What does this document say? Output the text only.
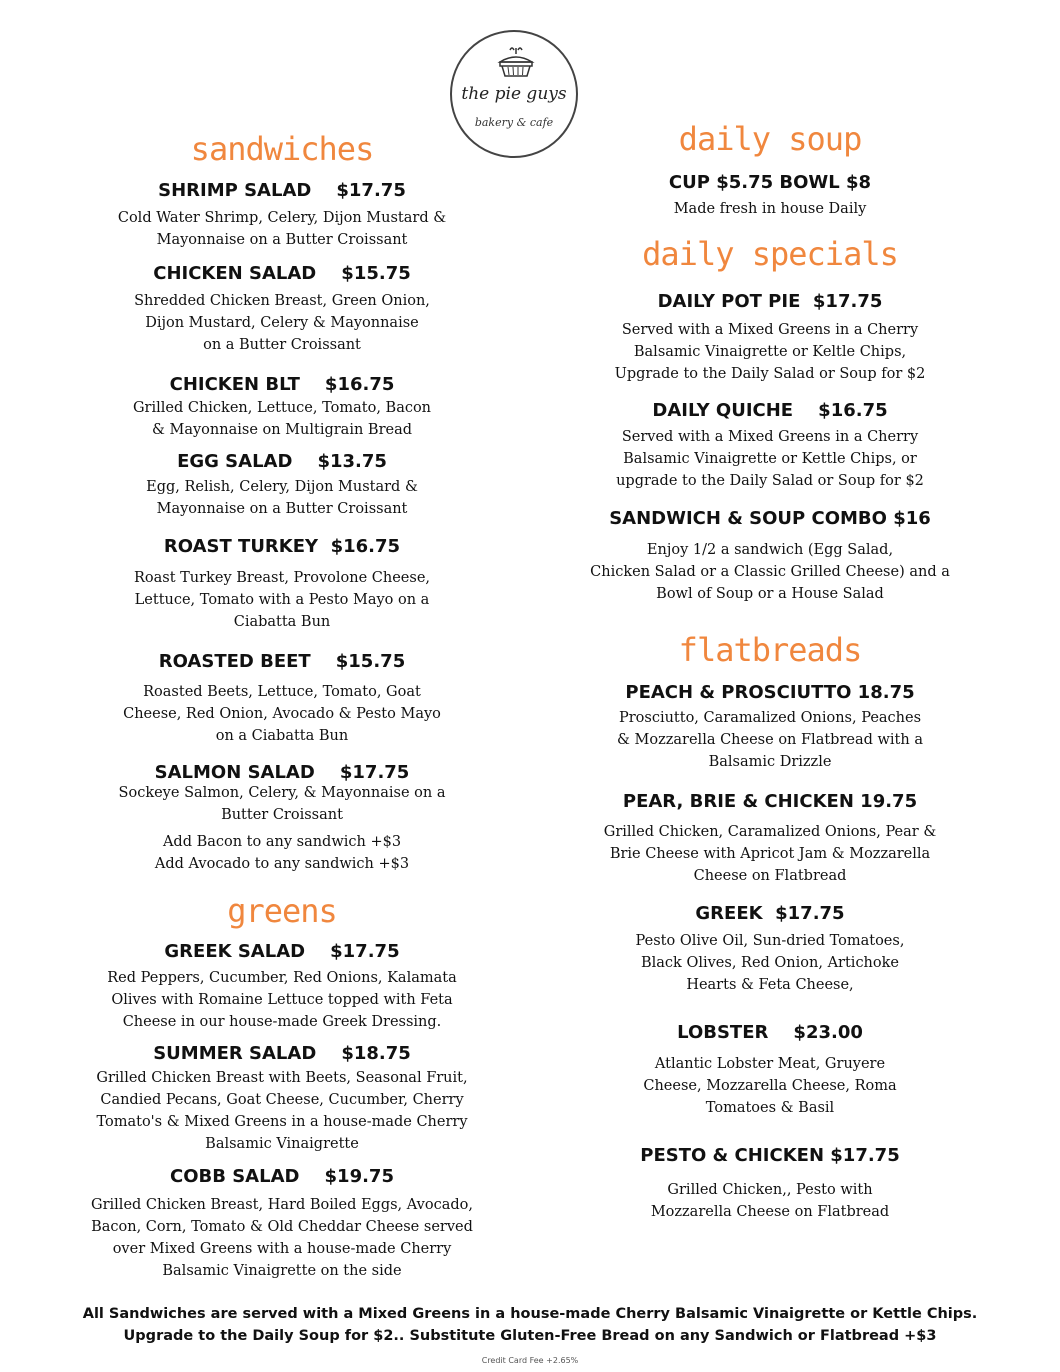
the pie guys
bakery & cafe
sandwiches
SHRIMP SALAD    $17.75
Cold Water Shrimp, Celery, Dijon Mustard &
Mayonnaise on a Butter Croissant
CHICKEN SALAD    $15.75
Shredded Chicken Breast, Green Onion,
Dijon Mustard, Celery & Mayonnaise
on a Butter Croissant
CHICKEN BLT    $16.75
Grilled Chicken, Lettuce, Tomato, Bacon
& Mayonnaise on Multigrain Bread
EGG SALAD    $13.75
Egg, Relish, Celery, Dijon Mustard &
Mayonnaise on a Butter Croissant
ROAST TURKEY  $16.75
Roast Turkey Breast, Provolone Cheese,
Lettuce, Tomato with a Pesto Mayo on a
Ciabatta Bun
ROASTED BEET    $15.75
Roasted Beets, Lettuce, Tomato, Goat
Cheese, Red Onion, Avocado & Pesto Mayo
on a Ciabatta Bun
SALMON SALAD    $17.75
Sockeye Salmon, Celery, & Mayonnaise on a
Butter Croissant
Add Bacon to any sandwich +$3
Add Avocado to any sandwich +$3
greens
GREEK SALAD    $17.75
Red Peppers, Cucumber, Red Onions, Kalamata
Olives with Romaine Lettuce topped with Feta
Cheese in our house-made Greek Dressing.
SUMMER SALAD    $18.75
Grilled Chicken Breast with Beets, Seasonal Fruit,
Candied Pecans, Goat Cheese, Cucumber, Cherry
Tomato's & Mixed Greens in a house-made Cherry
Balsamic Vinaigrette
COBB SALAD    $19.75
Grilled Chicken Breast, Hard Boiled Eggs, Avocado,
Bacon, Corn, Tomato & Old Cheddar Cheese served
over Mixed Greens with a house-made Cherry
Balsamic Vinaigrette on the side
daily soup
CUP $5.75 BOWL $8
Made fresh in house Daily
daily specials
DAILY POT PIE  $17.75
Served with a Mixed Greens in a Cherry
Balsamic Vinaigrette or Keltle Chips,
Upgrade to the Daily Salad or Soup for $2
DAILY QUICHE    $16.75
Served with a Mixed Greens in a Cherry
Balsamic Vinaigrette or Kettle Chips, or
upgrade to the Daily Salad or Soup for $2
SANDWICH & SOUP COMBO $16
Enjoy 1/2 a sandwich (Egg Salad,
Chicken Salad or a Classic Grilled Cheese) and a
Bowl of Soup or a House Salad
flatbreads
PEACH & PROSCIUTTO 18.75
Prosciutto, Caramalized Onions, Peaches
& Mozzarella Cheese on Flatbread with a
Balsamic Drizzle
PEAR, BRIE & CHICKEN 19.75
Grilled Chicken, Caramalized Onions, Pear &
Brie Cheese with Apricot Jam & Mozzarella
Cheese on Flatbread
GREEK  $17.75
Pesto Olive Oil, Sun-dried Tomatoes,
Black Olives, Red Onion, Artichoke
Hearts & Feta Cheese,
LOBSTER    $23.00
Atlantic Lobster Meat, Gruyere
Cheese, Mozzarella Cheese, Roma
Tomatoes & Basil
PESTO & CHICKEN $17.75
Grilled Chicken,, Pesto with
Mozzarella Cheese on Flatbread
All Sandwiches are served with a Mixed Greens in a house-made Cherry Balsamic Vinaigrette or Kettle Chips.
Upgrade to the Daily Soup for $2.. Substitute Gluten-Free Bread on any Sandwich or Flatbread +$3
Credit Card Fee +2.65%
